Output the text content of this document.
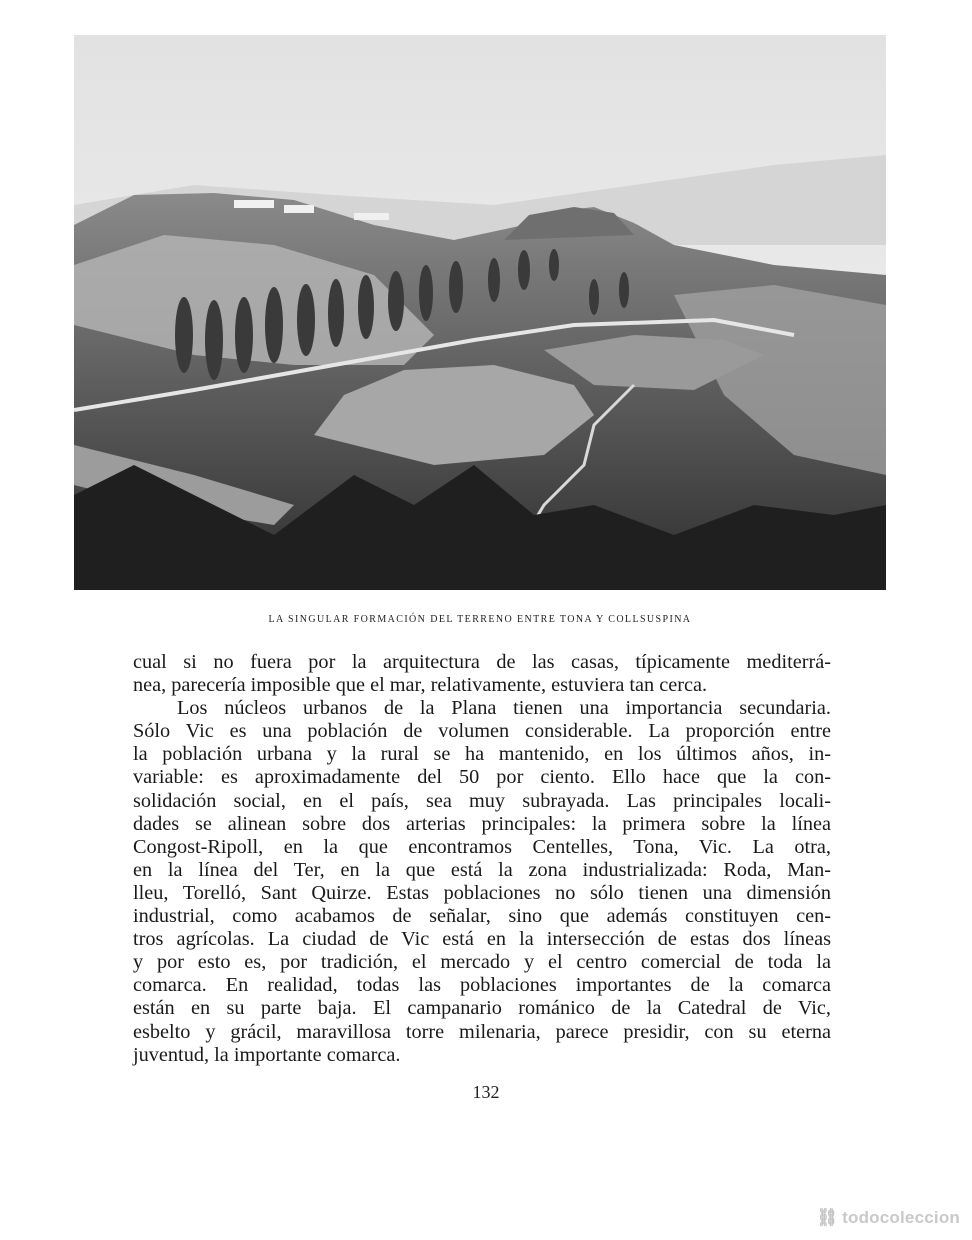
LA SINGULAR FORMACIÓN DEL TERRENO ENTRE TONA Y COLLSUSPINA
cual si no fuera por la arquitectura de las casas, típicamente mediterrá-
nea, parecería imposible que el mar, relativamente, estuviera tan cerca.
Los núcleos urbanos de la Plana tienen una importancia secundaria.
Sólo Vic es una población de volumen considerable. La proporción entre
la población urbana y la rural se ha mantenido, en los últimos años, in-
variable: es aproximadamente del 50 por ciento. Ello hace que la con-
solidación social, en el país, sea muy subrayada. Las principales locali-
dades se alinean sobre dos arterias principales: la primera sobre la línea
Congost-Ripoll, en la que encontramos Centelles, Tona, Vic. La otra,
en la línea del Ter, en la que está la zona industrializada: Roda, Man-
lleu, Torelló, Sant Quirze. Estas poblaciones no sólo tienen una dimensión
industrial, como acabamos de señalar, sino que además constituyen cen-
tros agrícolas. La ciudad de Vic está en la intersección de estas dos líneas
y por esto es, por tradición, el mercado y el centro comercial de toda la
comarca. En realidad, todas las poblaciones importantes de la comarca
están en su parte baja. El campanario románico de la Catedral de Vic,
esbelto y grácil, maravillosa torre milenaria, parece presidir, con su eterna
juventud, la importante comarca.
132
⛓ todocoleccion
